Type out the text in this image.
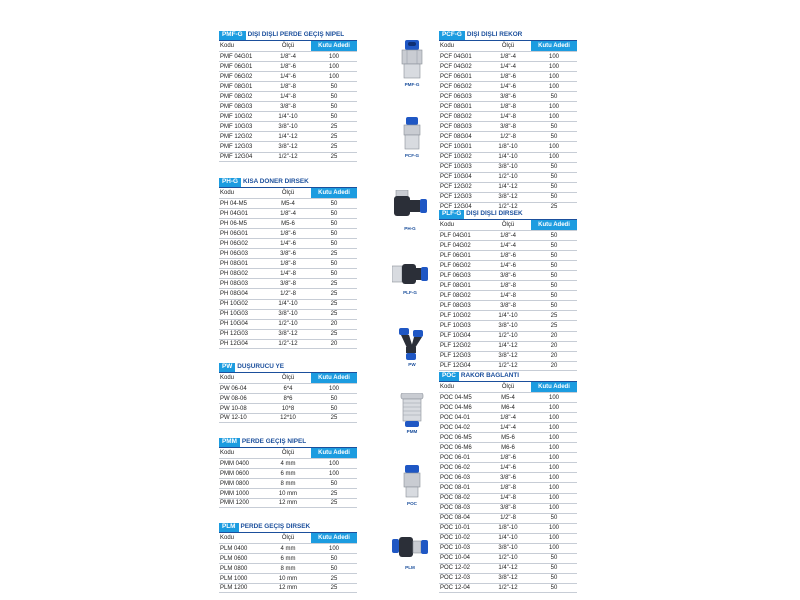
PMF-G DİŞİ DİŞLİ PERDE GEÇİŞ NİPEL
Kodu	Ölçü	Kutu Adedi
PMF 04G01	1/8"-4	100
PMF 06G01	1/8"-6	100
PMF 06G02	1/4"-6	100
PMF 08G01	1/8"-8	50
PMF 08G02	1/4"-8	50
PMF 08G03	3/8"-8	50
PMF 10G02	1/4"-10	50
PMF 10G03	3/8"-10	25
PMF 12G02	1/4"-12	25
PMF 12G03	3/8"-12	25
PMF 12G04	1/2"-12	25
PH-G KISA DÖNER DİRSEK
Kodu	Ölçü	Kutu Adedi
PH 04-M5	M5-4	50
PH 04G01	1/8"-4	50
PH 06-M5	M5-6	50
PH 06G01	1/8"-6	50
PH 06G02	1/4"-6	50
PH 06G03	3/8"-6	25
PH 08G01	1/8"-8	50
PH 08G02	1/4"-8	50
PH 08G03	3/8"-8	25
PH 08G04	1/2"-8	25
PH 10G02	1/4"-10	25
PH 10G03	3/8"-10	25
PH 10G04	1/2"-10	20
PH 12G03	3/8"-12	25
PH 12G04	1/2"-12	20
PW DÜŞÜRÜCÜ YE
Kodu	Ölçü	Kutu Adedi
PW 06-04	6*4	100
PW 08-06	8*6	50
PW 10-08	10*8	50
PW 12-10	12*10	25
PMM PERDE GEÇİŞ NİPEL
Kodu	Ölçü	Kutu Adedi
PMM 0400	4 mm	100
PMM 0600	6 mm	100
PMM 0800	8 mm	50
PMM 1000	10 mm	25
PMM 1200	12 mm	25
PLM PERDE GEÇİŞ DİRSEK
Kodu	Ölçü	Kutu Adedi
PLM 0400	4 mm	100
PLM 0600	6 mm	50
PLM 0800	8 mm	50
PLM 1000	10 mm	25
PLM 1200	12 mm	25
PCF-G DİŞİ DİŞLİ REKOR
Kodu	Ölçü	Kutu Adedi
PCF 04G01	1/8"-4	100
PCF 04G02	1/4"-4	100
PCF 06G01	1/8"-6	100
PCF 06G02	1/4"-6	100
PCF 06G03	3/8"-6	50
PCF 08G01	1/8"-8	100
PCF 08G02	1/4"-8	100
PCF 08G03	3/8"-8	50
PCF 08G04	1/2"-8	50
PCF 10G01	1/8"-10	100
PCF 10G02	1/4"-10	100
PCF 10G03	3/8"-10	50
PCF 10G04	1/2"-10	50
PCF 12G02	1/4"-12	50
PCF 12G03	3/8"-12	50
PCF 12G04	1/2"-12	25
PLF-G DİŞİ DİŞLİ DİRSEK
Kodu	Ölçü	Kutu Adedi
PLF 04G01	1/8"-4	50
PLF 04G02	1/4"-4	50
PLF 06G01	1/8"-6	50
PLF 06G02	1/4"-6	50
PLF 06G03	3/8"-6	50
PLF 08G01	1/8"-8	50
PLF 08G02	1/4"-8	50
PLF 08G03	3/8"-8	50
PLF 10G02	1/4"-10	25
PLF 10G03	3/8"-10	25
PLF 10G04	1/2"-10	20
PLF 12G02	1/4"-12	20
PLF 12G03	3/8"-12	20
PLF 12G04	1/2"-12	20
POC RAKOR BAĞLANTI
Kodu	Ölçü	Kutu Adedi
POC 04-M5	M5-4	100
POC 04-M6	M6-4	100
POC 04-01	1/8"-4	100
POC 04-02	1/4"-4	100
POC 06-M5	M5-6	100
POC 06-M6	M6-6	100
POC 06-01	1/8"-6	100
POC 06-02	1/4"-6	100
POC 06-03	3/8"-6	100
POC 08-01	1/8"-8	100
POC 08-02	1/4"-8	100
POC 08-03	3/8"-8	100
POC 08-04	1/2"-8	50
POC 10-01	1/8"-10	100
POC 10-02	1/4"-10	100
POC 10-03	3/8"-10	100
POC 10-04	1/2"-10	50
POC 12-02	1/4"-12	50
POC 12-03	3/8"-12	50
POC 12-04	1/2"-12	50
PMF-G
PCF-G
PH-G
PLF-G
PW
PMM
POC
PLM
